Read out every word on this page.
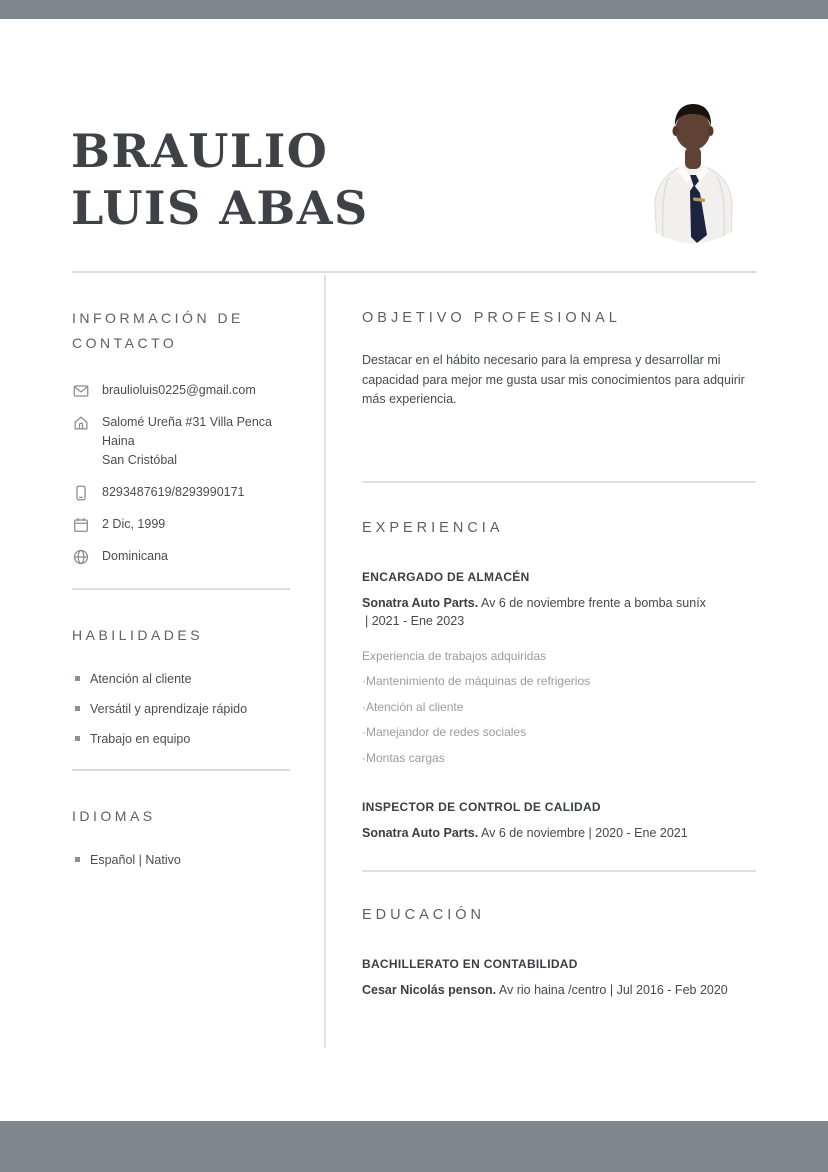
BRAULIO
LUIS ABAS
INFORMACIÓN DE CONTACTO
braulioluis0225@gmail.com
Salomé Ureña #31 Villa Penca Haina
San Cristóbal
8293487619/8293990171
2 Dic, 1999
Dominicana
HABILIDADES
Atención al cliente
Versátil y aprendizaje rápido
Trabajo en equipo
IDIOMAS
Español | Nativo
OBJETIVO PROFESIONAL

Destacar en el hábito necesario para la empresa y desarrollar mi capacidad para mejor me gusta usar mis conocimientos para adquirir más experiencia.

EXPERIENCIA
ENCARGADO DE ALMACÉN
Sonatra Auto Parts. Av 6 de noviembre frente a bomba suníx
| 2021 - Ene 2023
Experiencia de trabajos adquiridas
·Mantenimiento de máquinas de refrigerios
·Atención al cliente
·Manejandor de redes sociales
·Montas cargas
INSPECTOR DE CONTROL DE CALIDAD
Sonatra Auto Parts. Av 6 de noviembre | 2020 - Ene 2021
EDUCACIÓN
BACHILLERATO EN CONTABILIDAD
Cesar Nicolás penson. Av rio haina /centro | Jul 2016 - Feb 2020
